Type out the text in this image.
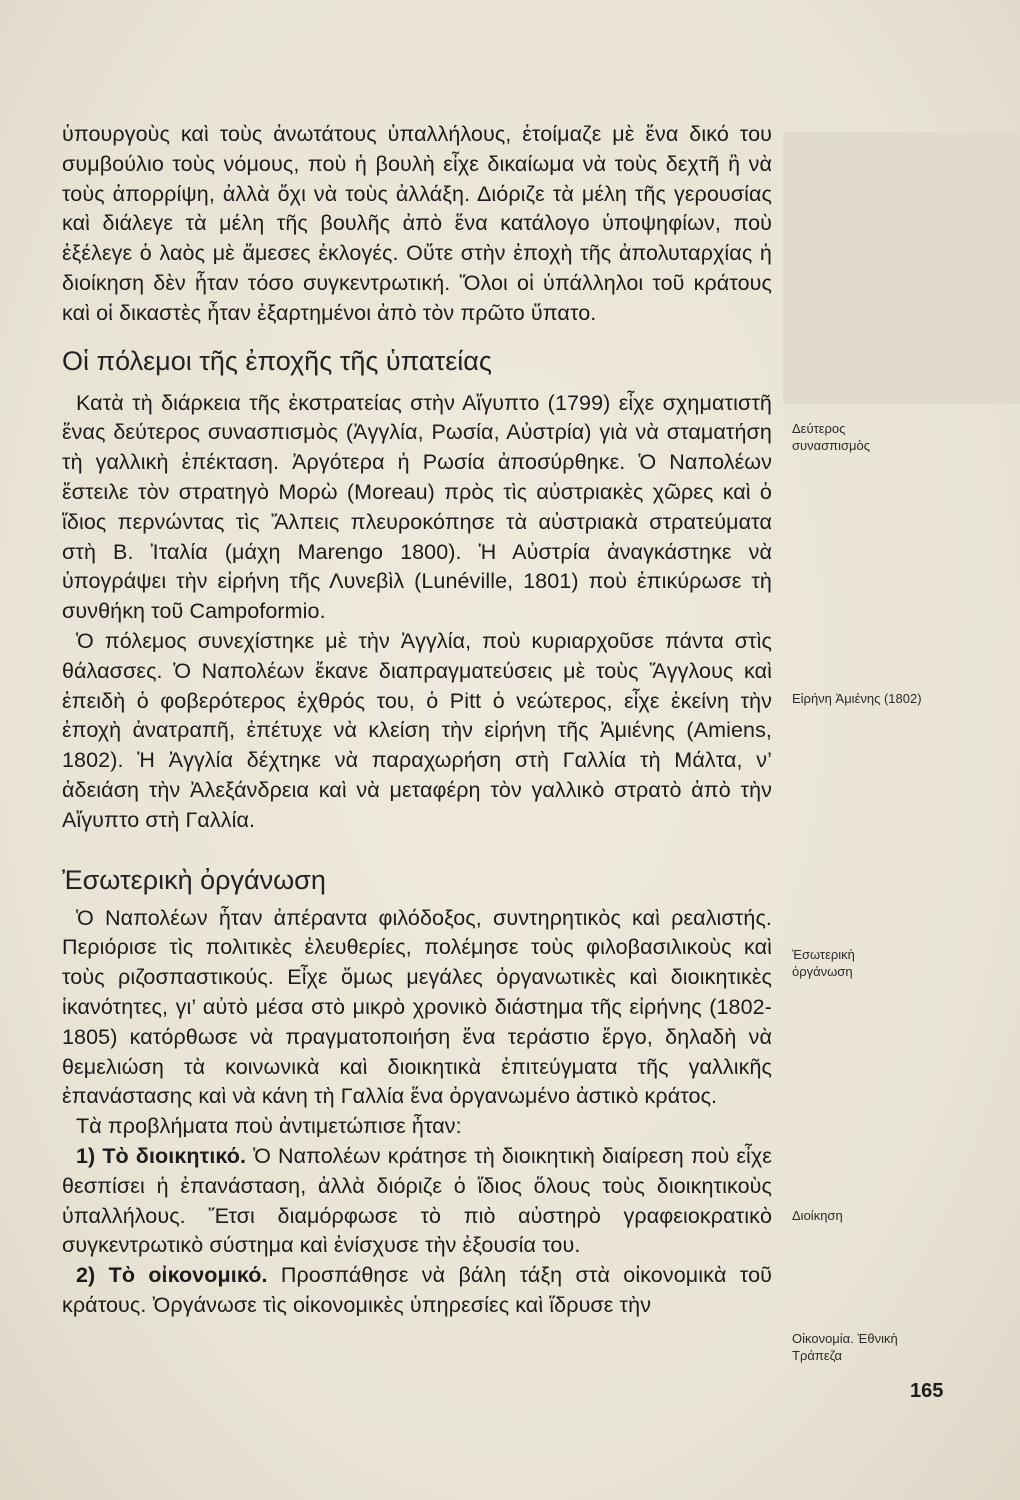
ὑπουργοὺς καὶ τοὺς ἀνωτάτους ὑπαλλήλους, ἑτοίμαζε μὲ ἕνα δικό του συμβούλιο τοὺς νόμους, ποὺ ἡ βουλὴ εἶχε δικαίωμα νὰ τοὺς δεχτῆ ἢ νὰ τοὺς ἀπορρίψη, ἀλλὰ ὄχι νὰ τοὺς ἀλλάξη. Διόριζε τὰ μέλη τῆς γερουσίας καὶ διάλεγε τὰ μέλη τῆς βουλῆς ἀπὸ ἕνα κατάλογο ὑποψηφίων, ποὺ ἐξέλεγε ὁ λαὸς μὲ ἄμεσες ἐκλογές. Οὔτε στὴν ἐποχὴ τῆς ἀπολυταρχίας ἡ διοίκηση δὲν ἦταν τόσο συγκεντρωτική. Ὅλοι οἱ ὑπάλληλοι τοῦ κράτους καὶ οἱ δικαστὲς ἦταν ἐξαρτημένοι ἀπὸ τὸν πρῶτο ὕπατο.

Οἱ πόλεμοι τῆς ἐποχῆς τῆς ὑπατείας

Κατὰ τὴ διάρκεια τῆς ἐκστρατείας στὴν Αἴγυπτο (1799) εἶχε σχηματιστῆ ἕνας δεύτερος συνασπισμὸς (Ἀγγλία, Ρωσία, Αὐστρία) γιὰ νὰ σταματήση τὴ γαλλικὴ ἐπέκταση. Ἀργότερα ἡ Ρωσία ἀποσύρθηκε. Ὁ Ναπολέων ἔστειλε τὸν στρατηγὸ Μορὼ (Moreau) πρὸς τὶς αὐστριακὲς χῶρες καὶ ὁ ἴδιος περνώντας τὶς Ἄλπεις πλευροκόπησε τὰ αὐστριακὰ στρατεύματα στὴ Β. Ἰταλία (μάχη Marengo 1800). Ἡ Αὐστρία ἀναγκάστηκε νὰ ὑπογράψει τὴν εἰρήνη τῆς Λυνεβὶλ (Lunéville, 1801) ποὺ ἐπικύρωσε τὴ συνθήκη τοῦ Campoformio.

Ὁ πόλεμος συνεχίστηκε μὲ τὴν Ἀγγλία, ποὺ κυριαρχοῦσε πάντα στὶς θάλασσες. Ὁ Ναπολέων ἔκανε διαπραγματεύσεις μὲ τοὺς Ἄγγλους καὶ ἐπειδὴ ὁ φοβερότερος ἐχθρός του, ὁ Pitt ὁ νεώτερος, εἶχε ἐκείνη τὴν ἐποχὴ ἀνατραπῆ, ἐπέτυχε νὰ κλείση τὴν εἰρήνη τῆς Ἀμιένης (Amiens, 1802). Ἡ Ἀγγλία δέχτηκε νὰ παραχωρήση στὴ Γαλλία τὴ Μάλτα, ν’ ἀδειάση τὴν Ἀλεξάνδρεια καὶ νὰ μεταφέρη τὸν γαλλικὸ στρατὸ ἀπὸ τὴν Αἴγυπτο στὴ Γαλλία.

Ἐσωτερικὴ ὀργάνωση

Ὁ Ναπολέων ἦταν ἀπέραντα φιλόδοξος, συντηρητικὸς καὶ ρεαλιστής. Περιόρισε τὶς πολιτικὲς ἐλευθερίες, πολέμησε τοὺς φιλοβασιλικοὺς καὶ τοὺς ριζοσπαστικούς. Εἶχε ὅμως μεγάλες ὀργανωτικὲς καὶ διοικητικὲς ἱκανότητες, γι’ αὐτὸ μέσα στὸ μικρὸ χρονικὸ διάστημα τῆς εἰρήνης (1802-1805) κατόρθωσε νὰ πραγματοποιήση ἕνα τεράστιο ἔργο, δηλαδὴ νὰ θεμελιώση τὰ κοινωνικὰ καὶ διοικητικὰ ἐπιτεύγματα τῆς γαλλικῆς ἐπανάστασης καὶ νὰ κάνη τὴ Γαλλία ἕνα ὀργανωμένο ἀστικὸ κράτος.

Τὰ προβλήματα ποὺ ἀντιμετώπισε ἦταν:

1) Τὸ διοικητικό. Ὁ Ναπολέων κράτησε τὴ διοικητικὴ διαίρεση ποὺ εἶχε θεσπίσει ἡ ἐπανάσταση, ἀλλὰ διόριζε ὁ ἴδιος ὅλους τοὺς διοικητικοὺς ὑπαλλήλους. Ἔτσι διαμόρφωσε τὸ πιὸ αὐστηρὸ γραφειοκρατικὸ συγκεντρωτικὸ σύστημα καὶ ἐνίσχυσε τὴν ἐξουσία του.

2) Τὸ οἰκονομικό. Προσπάθησε νὰ βάλη τάξη στὰ οἰκονομικὰ τοῦ κράτους. Ὀργάνωσε τὶς οἰκονομικὲς ὑπηρεσίες καὶ ἵδρυσε τὴν

Δεύτερος συνασπισμὸς
Εἰρήνη Ἀμιένης (1802)
Ἐσωτερικὴ ὀργάνωση
Διοίκηση
Οἰκονομία. Ἐθνικὴ Τράπεζα
165
